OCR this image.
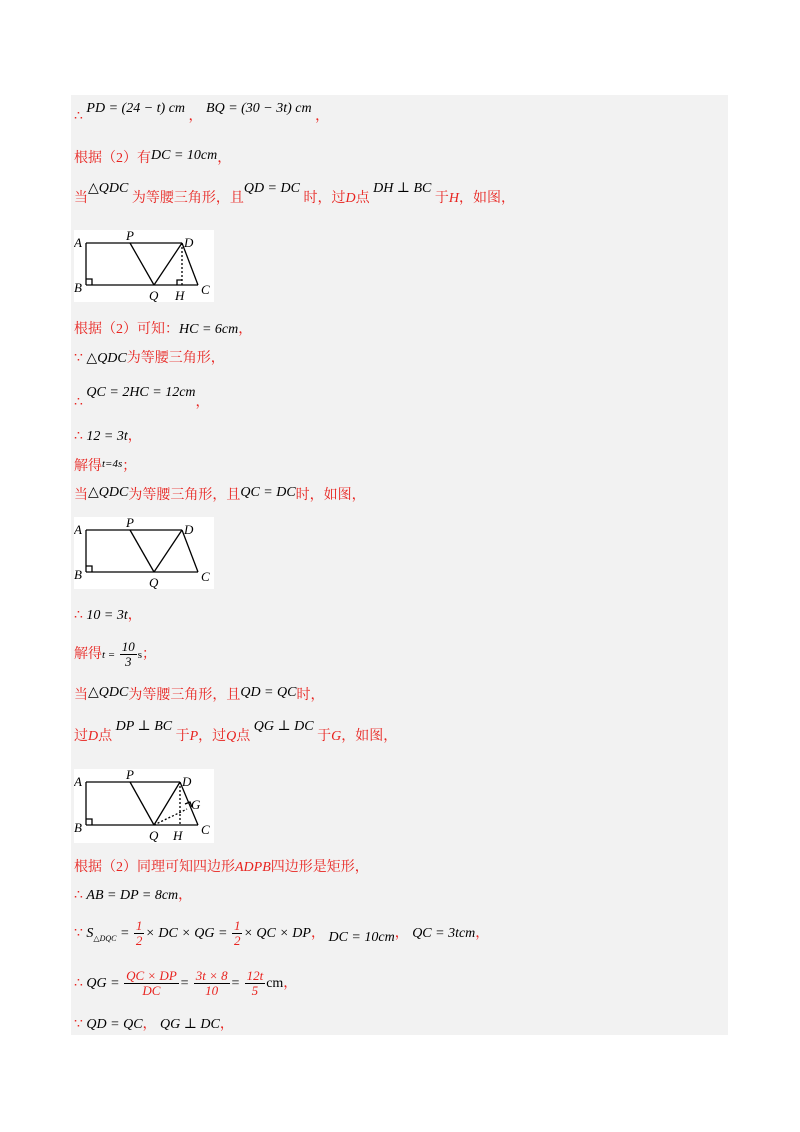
∴ PD = (24 − t) cm ， BQ = (30 − 3t) cm ，
根据（2）有DC = 10cm，
当△QDC 为等腰三角形，且QD = DC 时，过D点 DH ⊥ BC 于H，如图，
A
B	C
D
P
Q H
根据（2）可知：HC = 6cm，
∵ △QDC为等腰三角形，
∴ QC = 2HC = 12cm，
∴ 12 = 3t，
解得$^{t=4s}$；
当△QDC为等腰三角形，且QC = DC时，如图，
A
B	C
D
P
Q
∴ 10 = 3t，
解得$t = \frac{10}{3}$ s；
当△QDC为等腰三角形，且QD = QC时，
过D点 DP ⊥ BC 于P，过Q点 QG ⊥ DC 于G，如图，
A
B	C
D
P
Q H
G
根据（2）同理可知四边形ADPB四边形是矩形，
∴ AB = DP = 8cm，
∵ $S_{\triangle DQC} = \frac{1}{2}$ × DC × QG = $\frac{1}{2}$ × QC × DP， DC = 10cm， QC = 3tcm，
∴ QG = $\frac{QC \times DP}{DC} = \frac{3t \times 8}{10} = \frac{12t}{5}$ cm，
∵ QD = QC， QG ⊥ DC，
